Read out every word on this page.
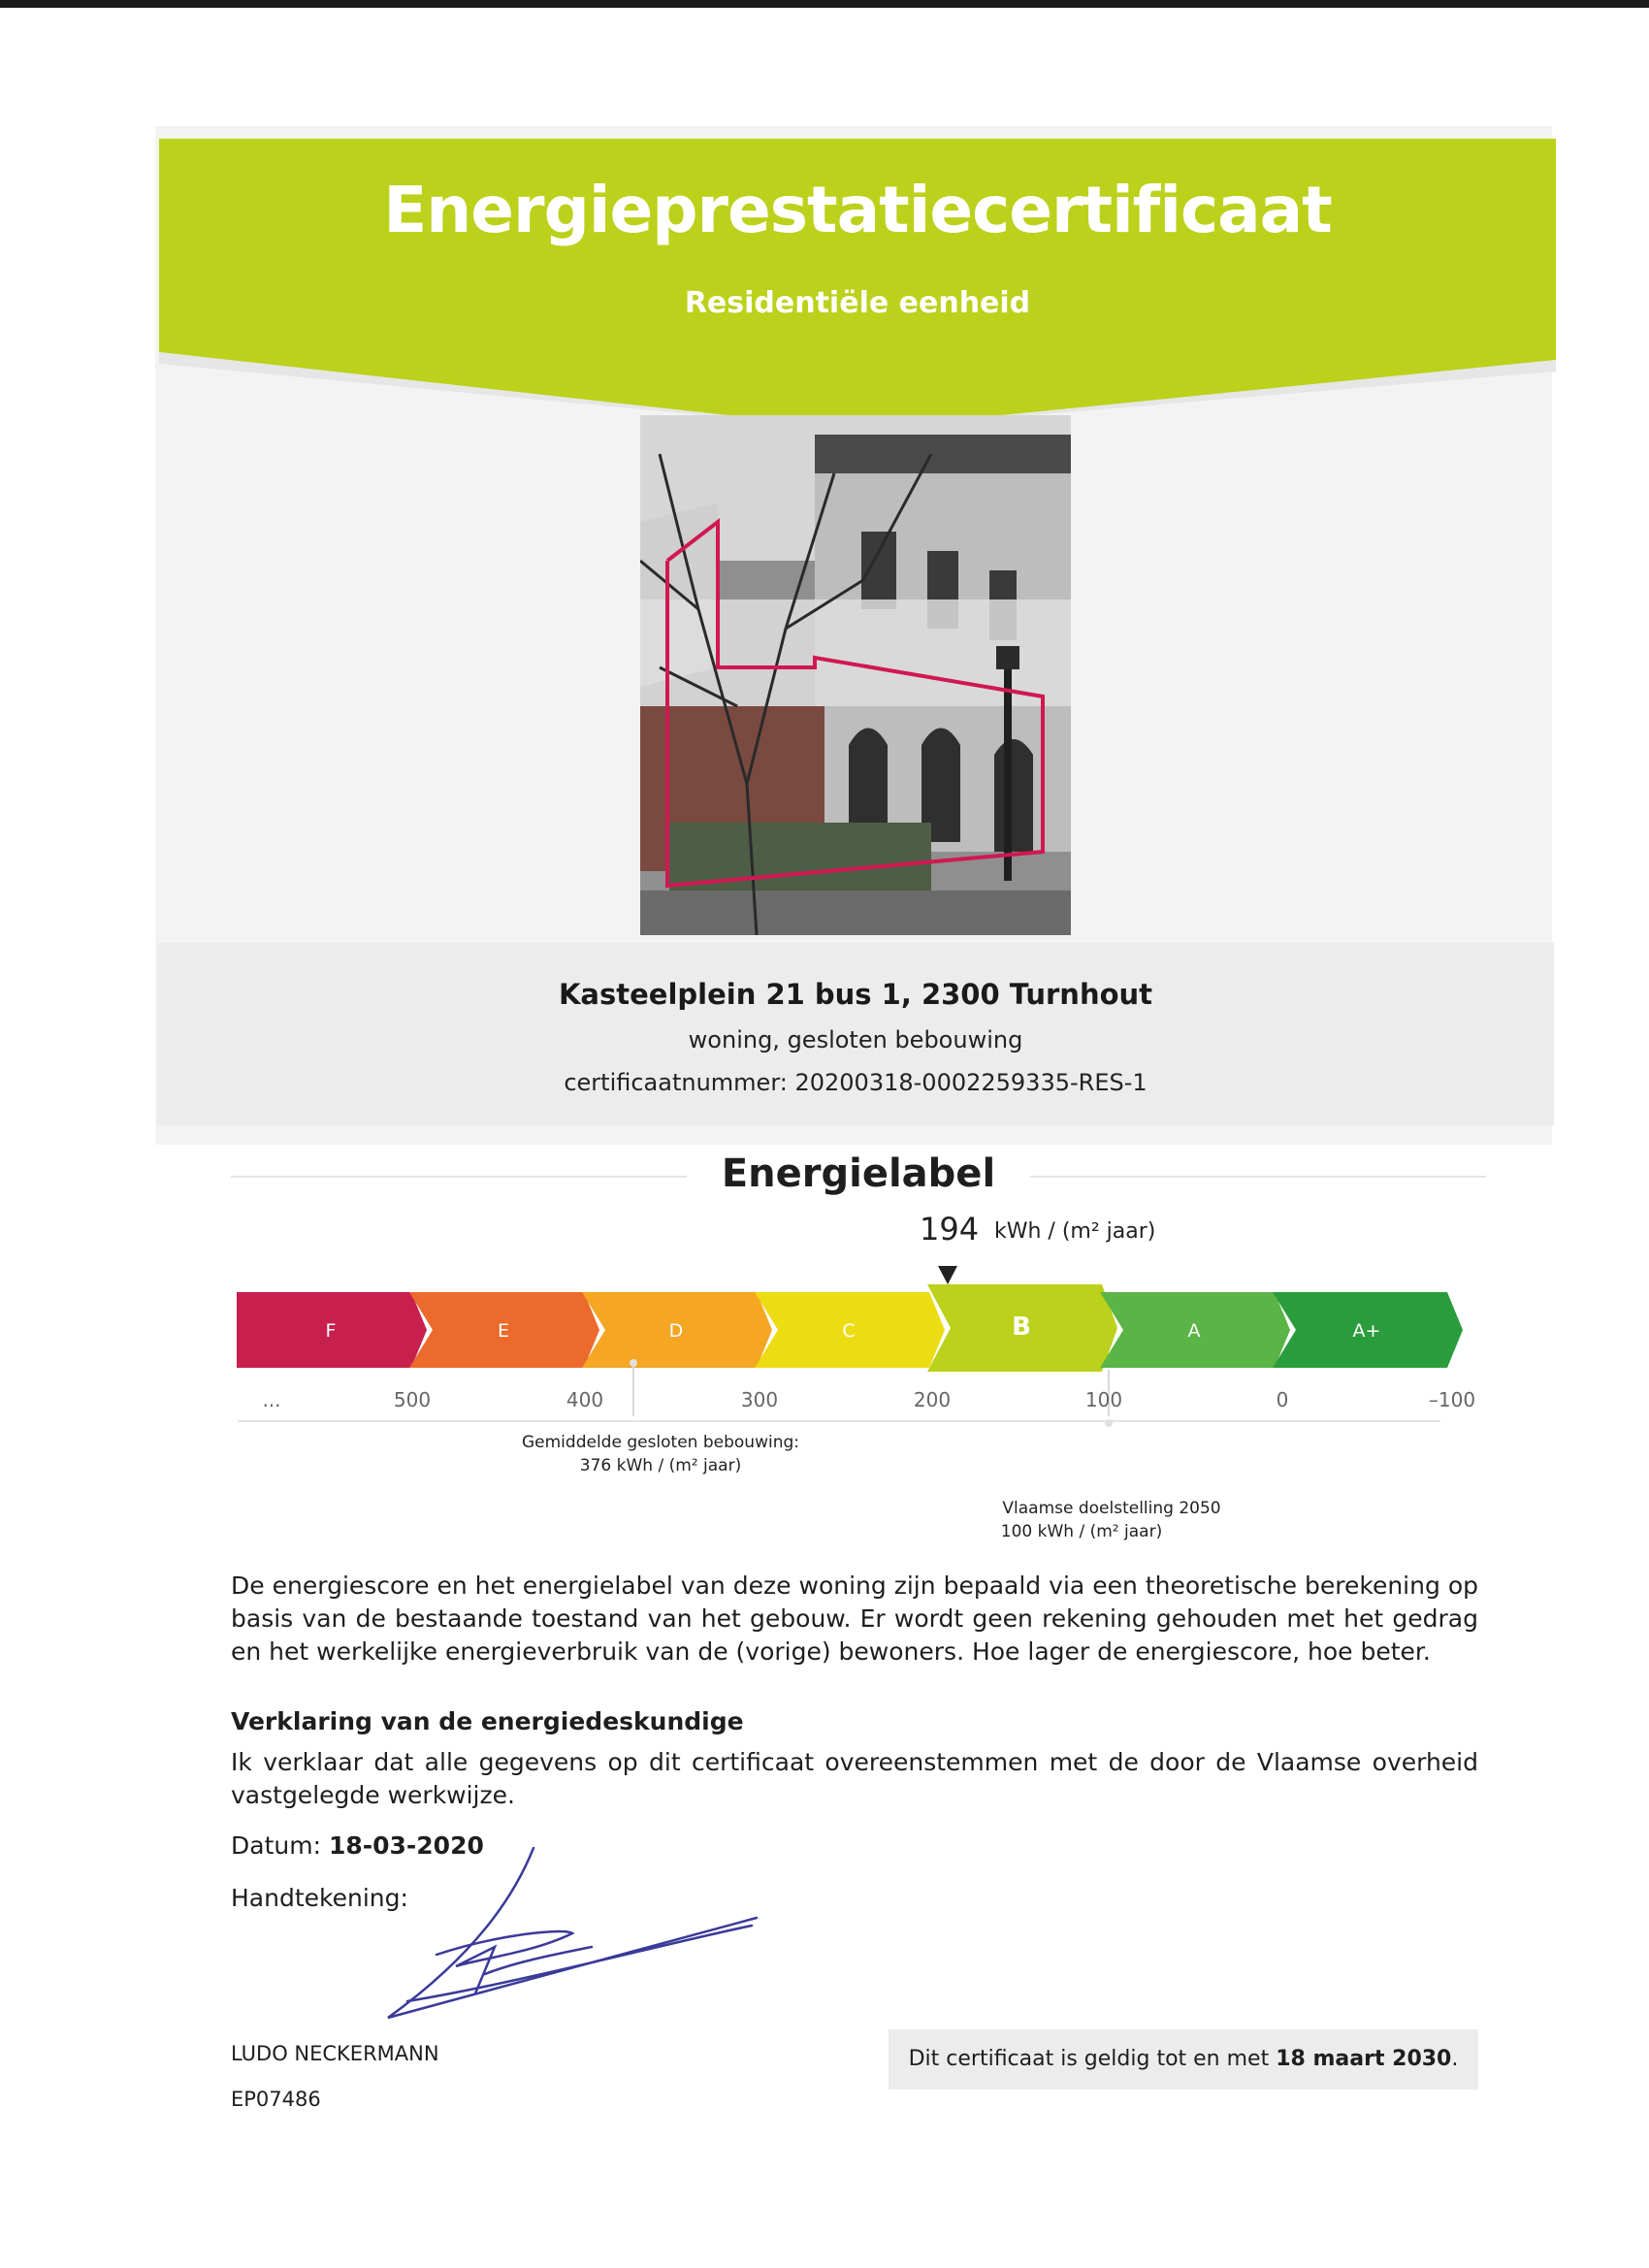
Energieprestatiecertificaat
Residentiële eenheid
Kasteelplein 21 bus 1, 2300 Turnhout
woning, gesloten bebouwing
certificaatnummer: 20200318-0002259335-RES-1
Energielabel
194 kWh / (m² jaar)
F	E	D	C	B	A	A+
...	500	400	300	200	100	0	–100
Gemiddelde gesloten bebouwing:
376 kWh / (m² jaar)
Vlaamse doelstelling 2050
100 kWh / (m² jaar)
De energiescore en het energielabel van deze woning zijn bepaald via een theoretische berekening op basis van de bestaande toestand van het gebouw. Er wordt geen rekening gehouden met het gedrag en het werkelijke energieverbruik van de (vorige) bewoners. Hoe lager de energiescore, hoe beter.
Verklaring van de energiedeskundige
Ik verklaar dat alle gegevens op dit certificaat overeenstemmen met de door de Vlaamse overheid vastgelegde werkwijze.
Datum: 18-03-2020
Handtekening:
LUDO NECKERMANN
EP07486
Dit certificaat is geldig tot en met 18 maart 2030.
